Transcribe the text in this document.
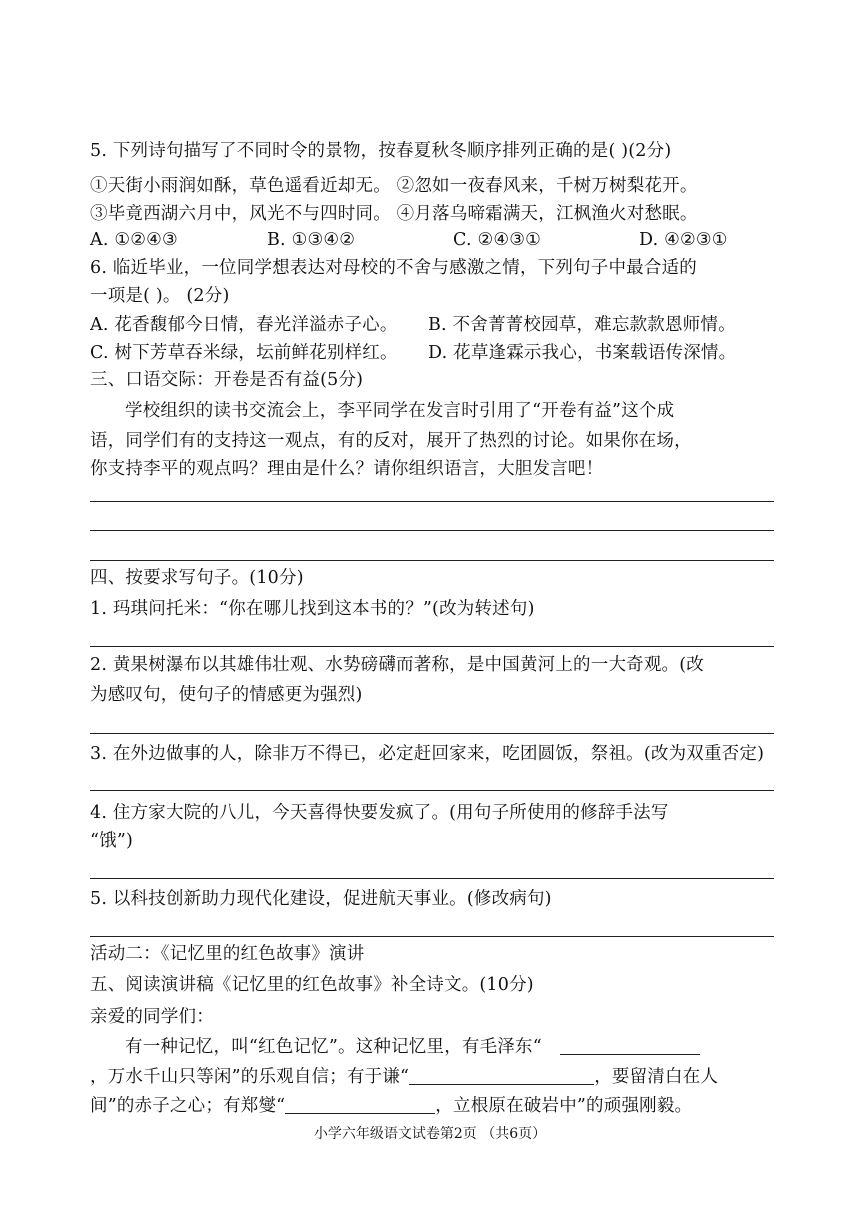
5. 下列诗句描写了不同时令的景物，按春夏秋冬顺序排列正确的是( )(2分)
①天街小雨润如酥，草色遥看近却无。 ②忽如一夜春风来，千树万树梨花开。
③毕竟西湖六月中，风光不与四时同。 ④月落乌啼霜满天，江枫渔火对愁眠。
A. ①②④③	B. ①③④②	C. ②④③①	D. ④②③①
6. 临近毕业，一位同学想表达对母校的不舍与感激之情，下列句子中最合适的
一项是( )。 (2分)
A. 花香馥郁今日情，春光洋溢赤子心。	B. 不舍菁菁校园草，难忘款款恩师情。
C. 树下芳草吞米绿，坛前鲜花别样红。	D. 花草逢霖示我心，书案载语传深情。
三、口语交际：开卷是否有益(5分)
学校组织的读书交流会上，李平同学在发言时引用了“开卷有益”这个成
语，同学们有的支持这一观点，有的反对，展开了热烈的讨论。如果你在场，
你支持李平的观点吗？理由是什么？请你组织语言，大胆发言吧！
四、按要求写句子。(10分)
1. 玛琪问托米：“你在哪儿找到这本书的？”(改为转述句)
2. 黄果树瀑布以其雄伟壮观、水势磅礴而著称，是中国黄河上的一大奇观。(改
为感叹句，使句子的情感更为强烈)
3. 在外边做事的人，除非万不得已，必定赶回家来，吃团圆饭，祭祖。(改为双重否定)
4. 住方家大院的八儿，今天喜得快要发疯了。(用句子所使用的修辞手法写
“饿”)
5. 以科技创新助力现代化建设，促进航天事业。(修改病句)
活动二：《记忆里的红色故事》演讲
五、阅读演讲稿《记忆里的红色故事》补全诗文。(10分)
亲爱的同学们：
有一种记忆，叫“红色记忆”。这种记忆里，有毛泽东“
，万水千山只等闲”的乐观自信；有于谦“	，要留清白在人
间”的赤子之心；有郑燮“	，立根原在破岩中”的顽强刚毅。
小学六年级语文试卷第2页 （共6页）
